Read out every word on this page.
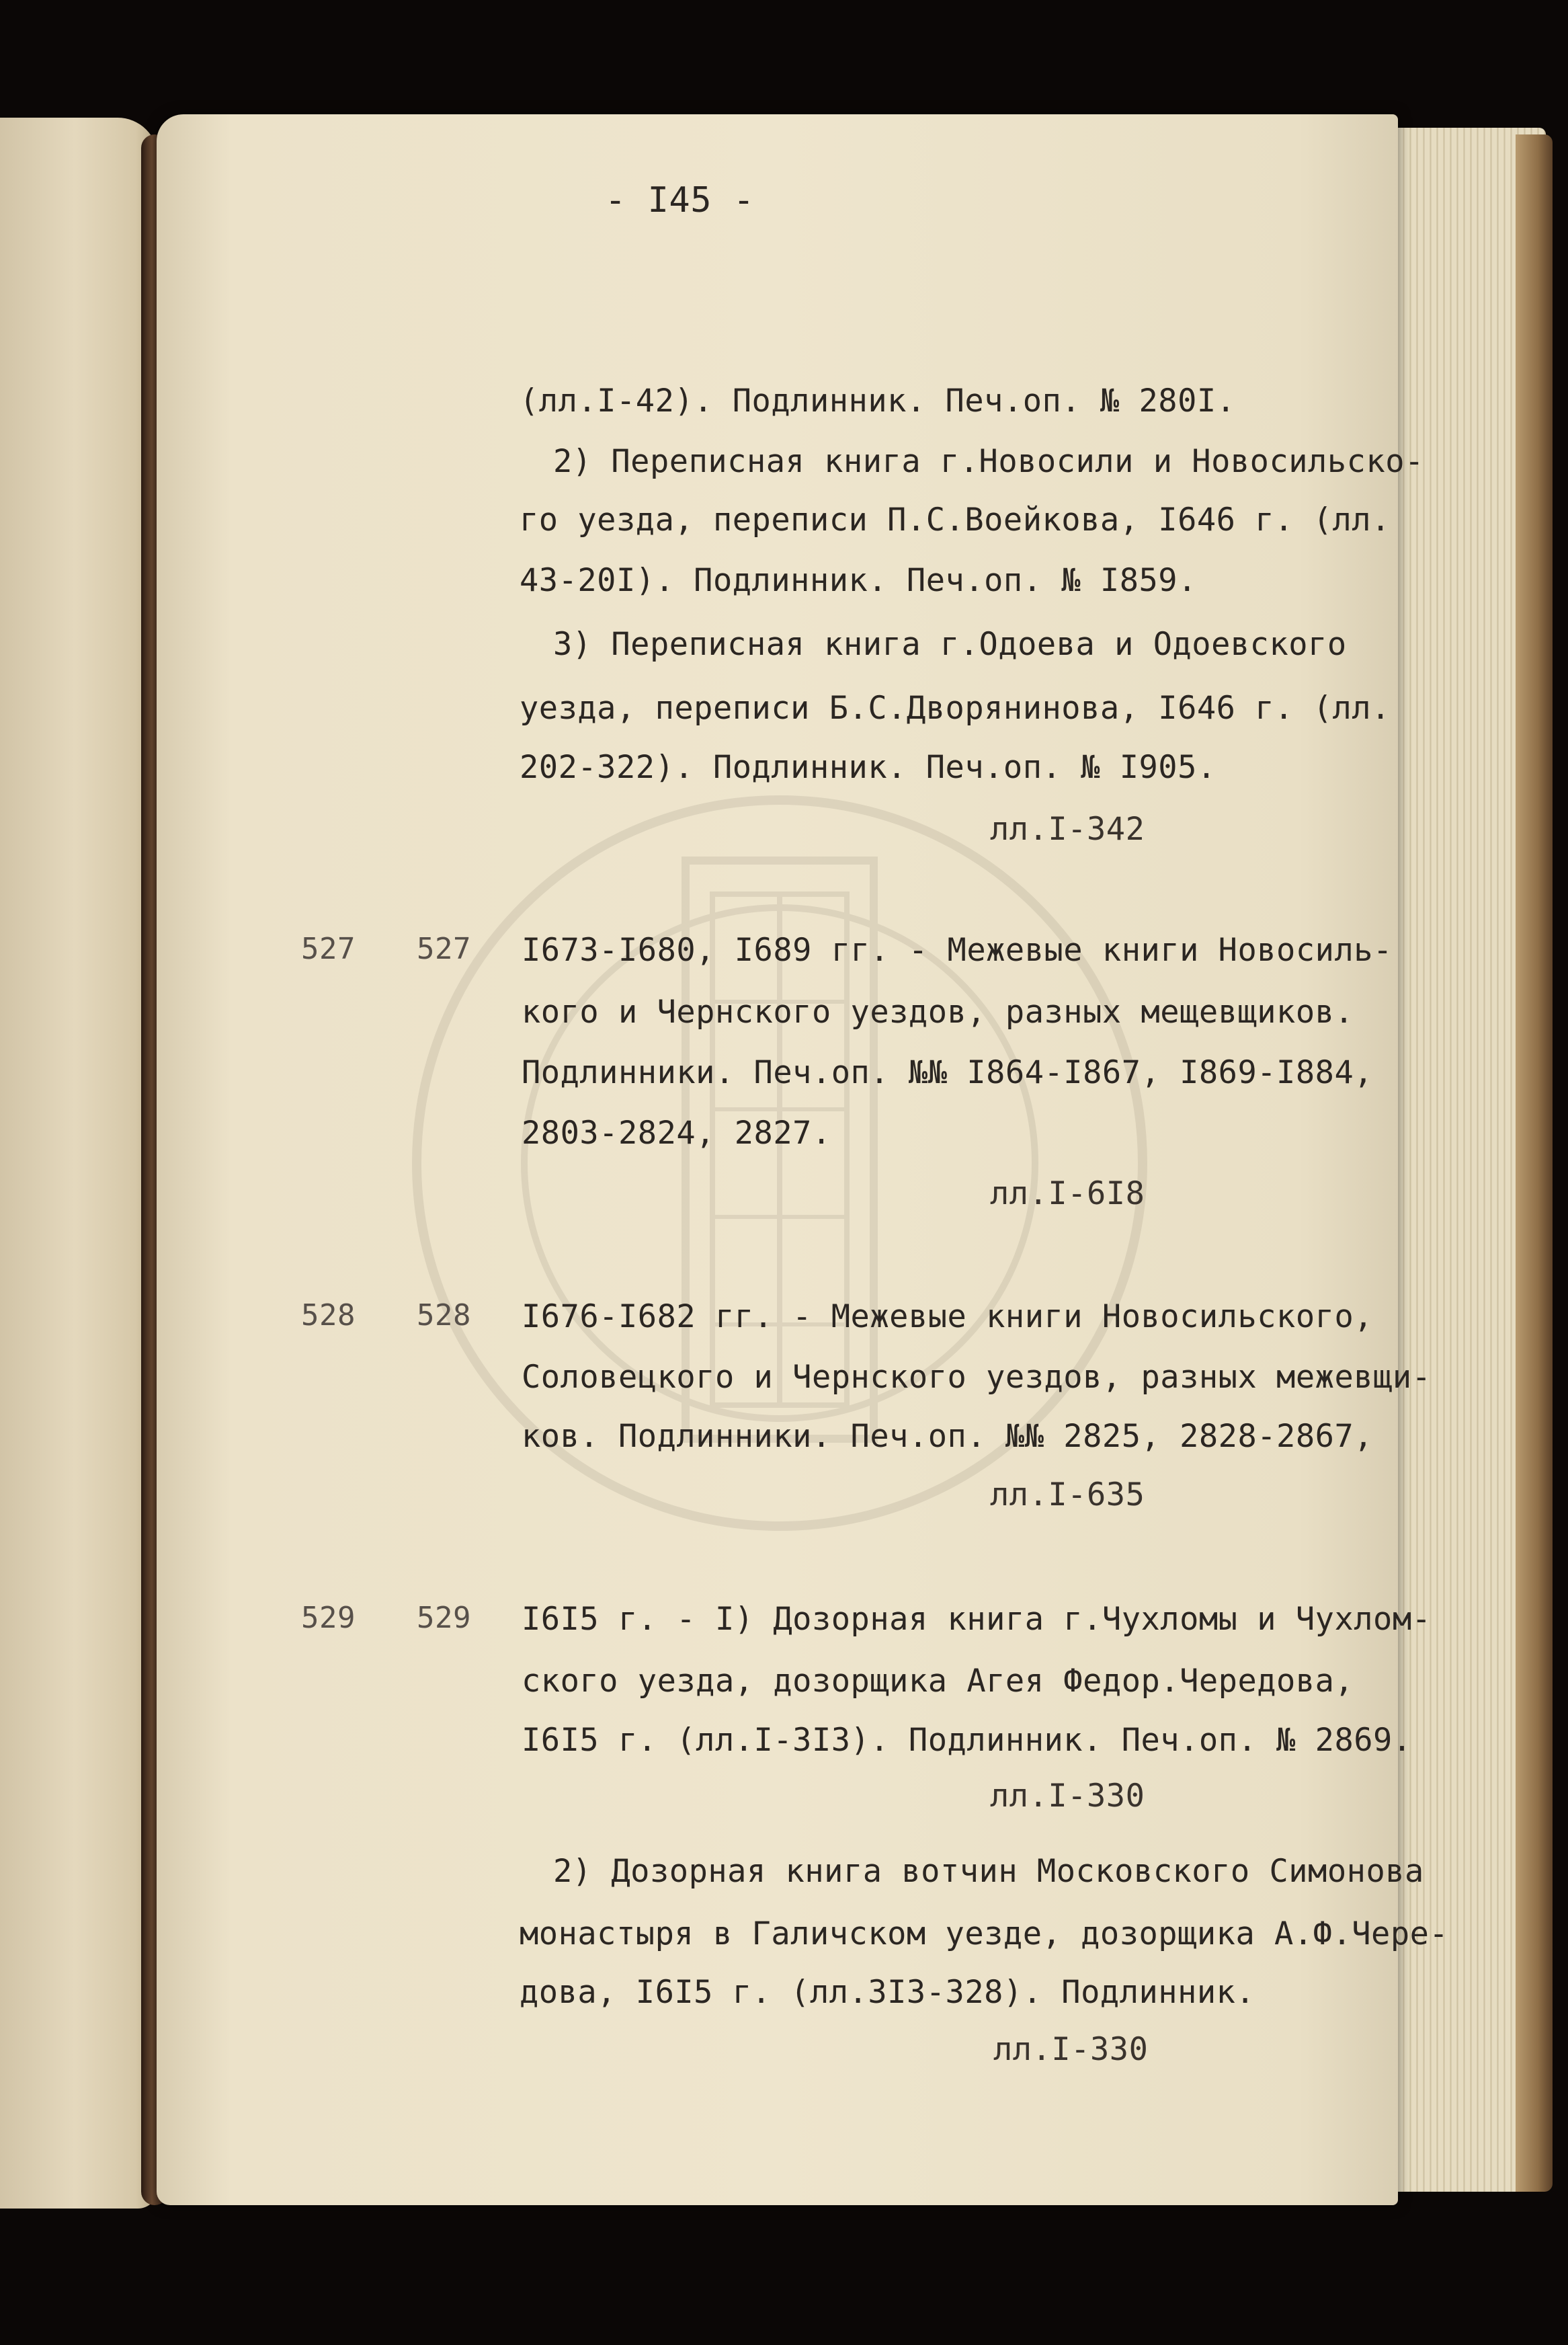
- I45 -
(лл.I-42). Подлинник. Печ.оп. № 280I.
2) Переписная книга г.Новосили и Новосильско-
го уезда, переписи П.С.Воейкова, I646 г. (лл.
43-20I). Подлинник. Печ.оп. № I859.
3) Переписная книга г.Одоева и Одоевского
уезда, переписи Б.С.Дворянинова, I646 г. (лл.
202-322). Подлинник. Печ.оп. № I905.
лл.I-342
527 527 I673-I680, I689 гг. - Межевые книги Новосиль-
кого и Чернского уездов, разных мещевщиков.
Подлинники. Печ.оп. №№ I864-I867, I869-I884,
2803-2824, 2827.
лл.I-6I8
528 528 I676-I682 гг. - Межевые книги Новосильского,
Соловецкого и Чернского уездов, разных межевщи-
ков. Подлинники. Печ.оп. №№ 2825, 2828-2867,
лл.I-635
529 529 I6I5 г. - I) Дозорная книга г.Чухломы и Чухлом-
ского уезда, дозорщика Агея Федор.Чередова,
I6I5 г. (лл.I-3I3). Подлинник. Печ.оп. № 2869.
лл.I-330
2) Дозорная книга вотчин Московского Симонова
монастыря в Галичском уезде, дозорщика А.Ф.Чере-
дова, I6I5 г. (лл.3I3-328). Подлинник.
лл.I-330
